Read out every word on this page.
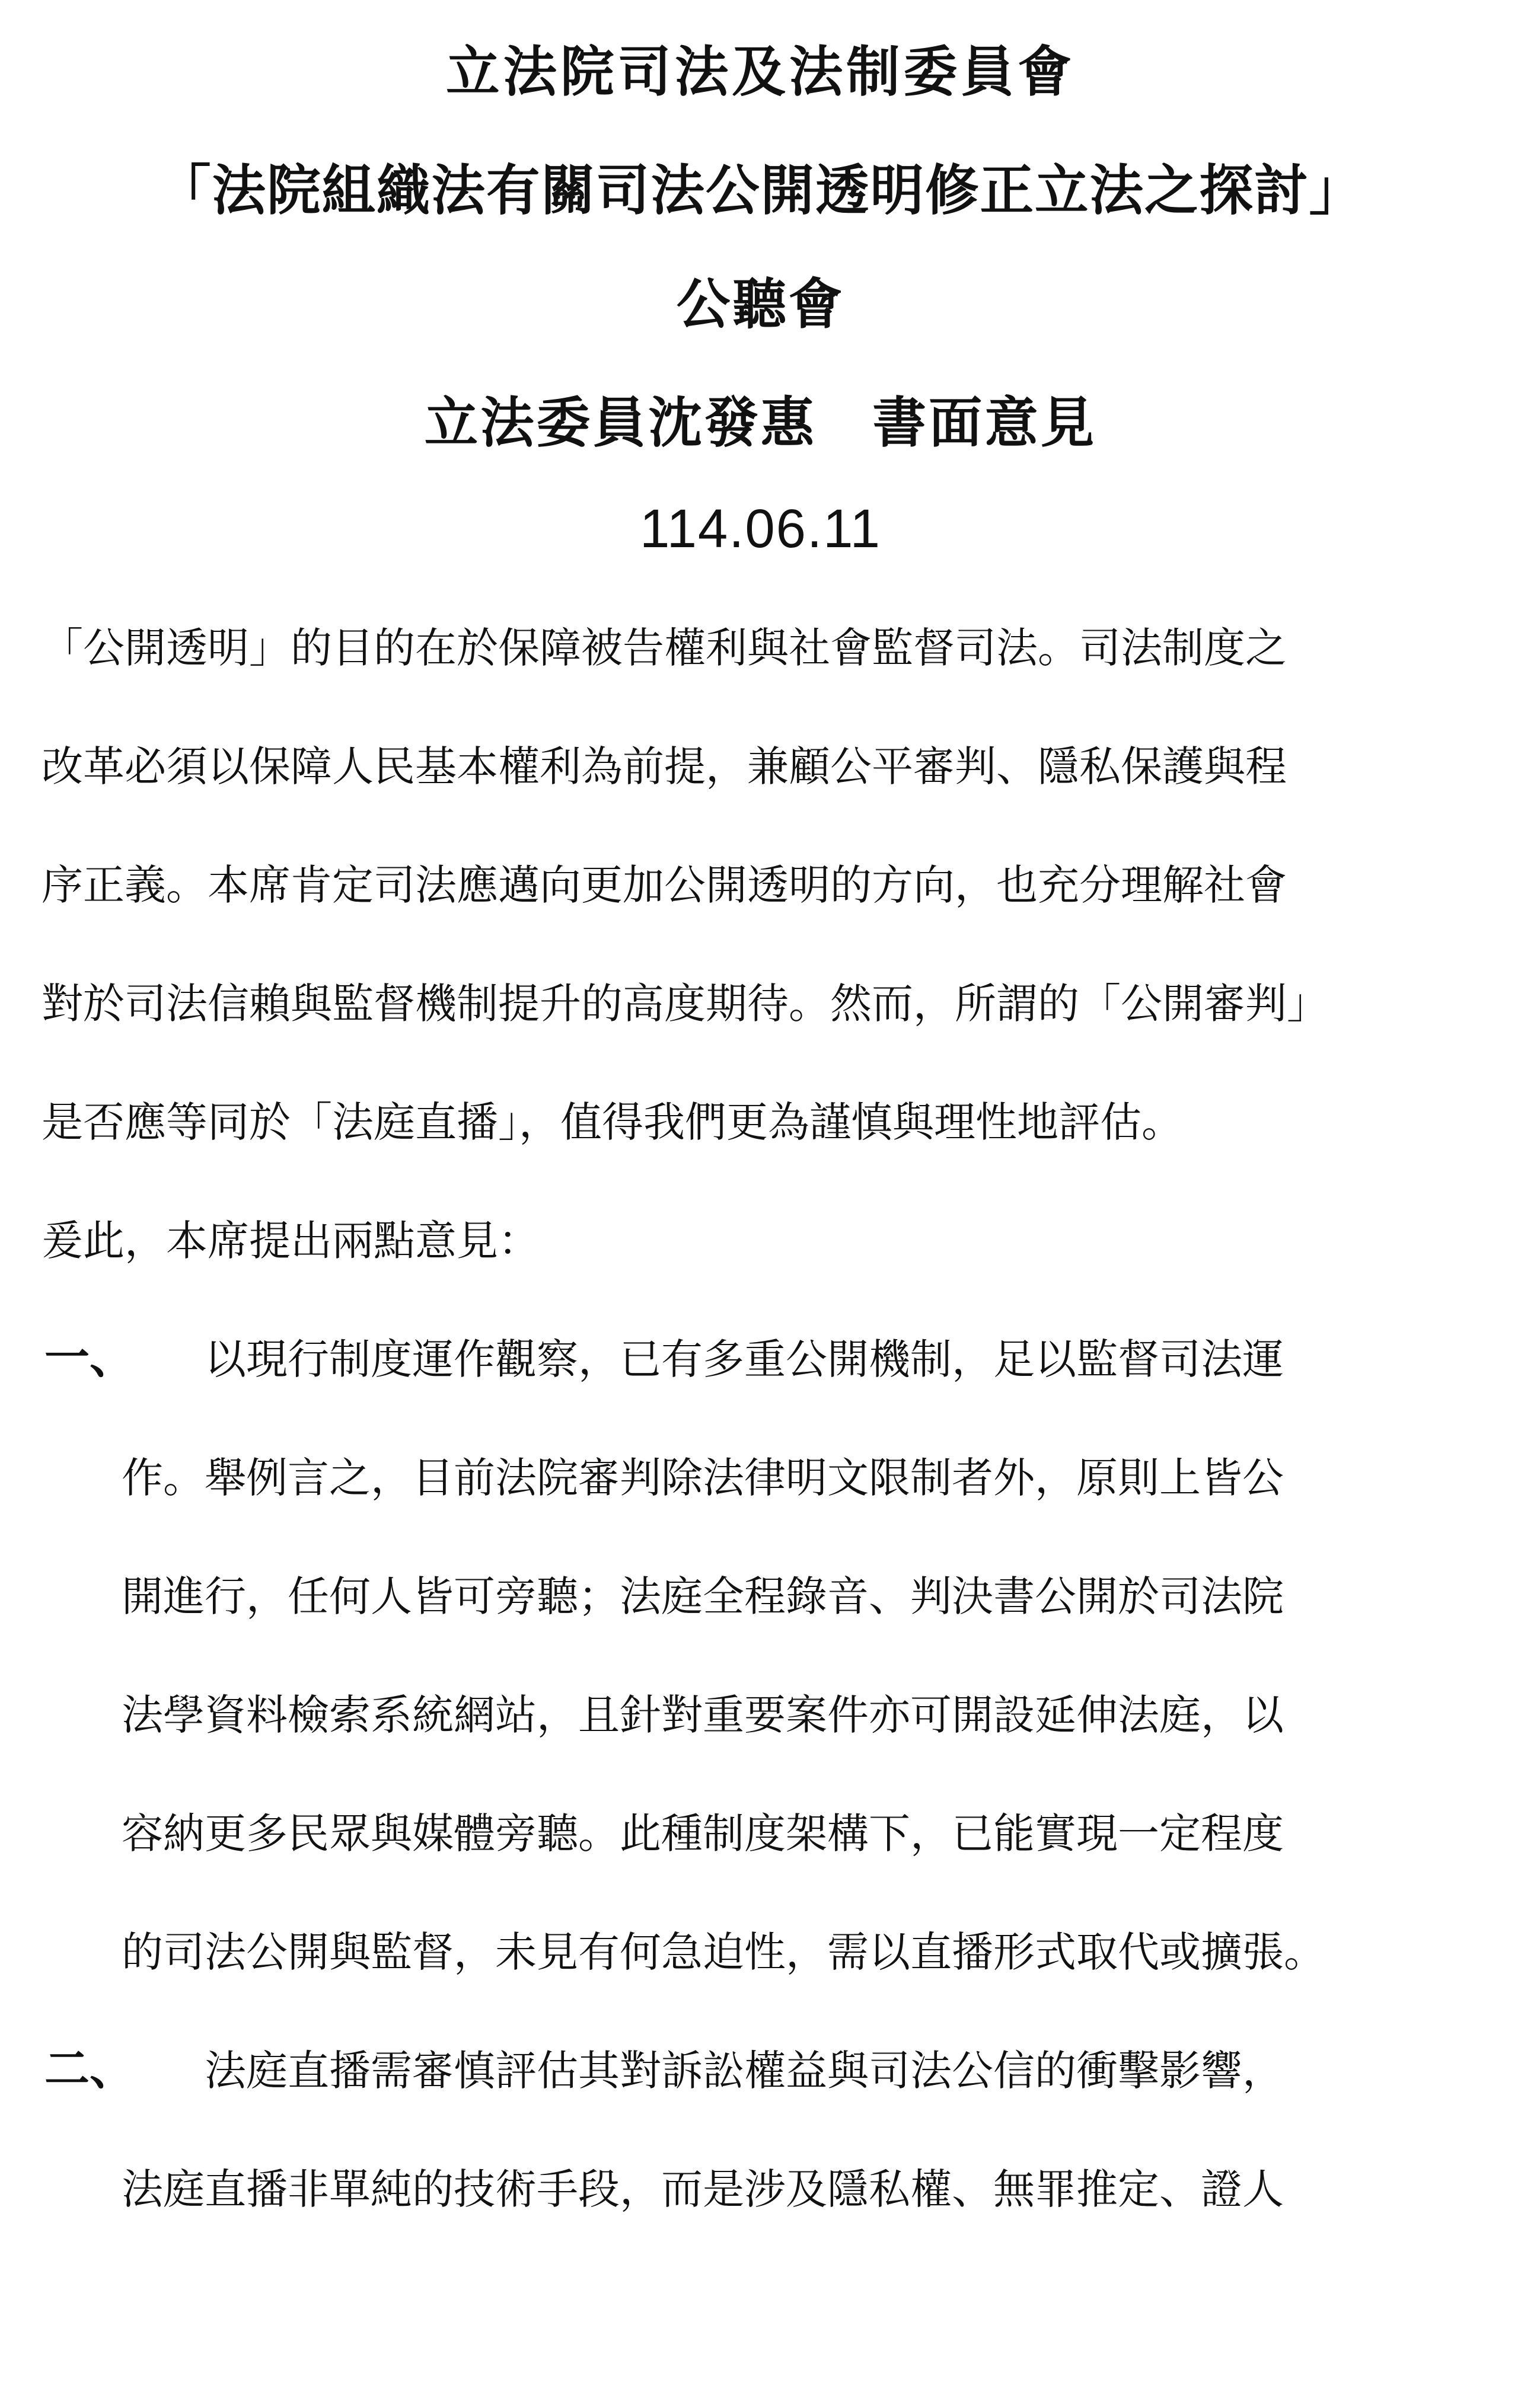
立法院司法及法制委員會
「法院組織法有關司法公開透明修正立法之探討」
公聽會
立法委員沈發惠　書面意見
114.06.11
「公開透明」的目的在於保障被告權利與社會監督司法。司法制度之
改革必須以保障人民基本權利為前提，兼顧公平審判、隱私保護與程
序正義。本席肯定司法應邁向更加公開透明的方向，也充分理解社會
對於司法信賴與監督機制提升的高度期待。然而，所謂的「公開審判」
是否應等同於「法庭直播」，值得我們更為謹慎與理性地評估。
爰此，本席提出兩點意見：
一、 以現行制度運作觀察，已有多重公開機制，足以監督司法運
作。舉例言之，目前法院審判除法律明文限制者外，原則上皆公
開進行，任何人皆可旁聽；法庭全程錄音、判決書公開於司法院
法學資料檢索系統網站，且針對重要案件亦可開設延伸法庭，以
容納更多民眾與媒體旁聽。此種制度架構下，已能實現一定程度
的司法公開與監督，未見有何急迫性，需以直播形式取代或擴張。
二、 法庭直播需審慎評估其對訴訟權益與司法公信的衝擊影響，
法庭直播非單純的技術手段，而是涉及隱私權、無罪推定、證人
